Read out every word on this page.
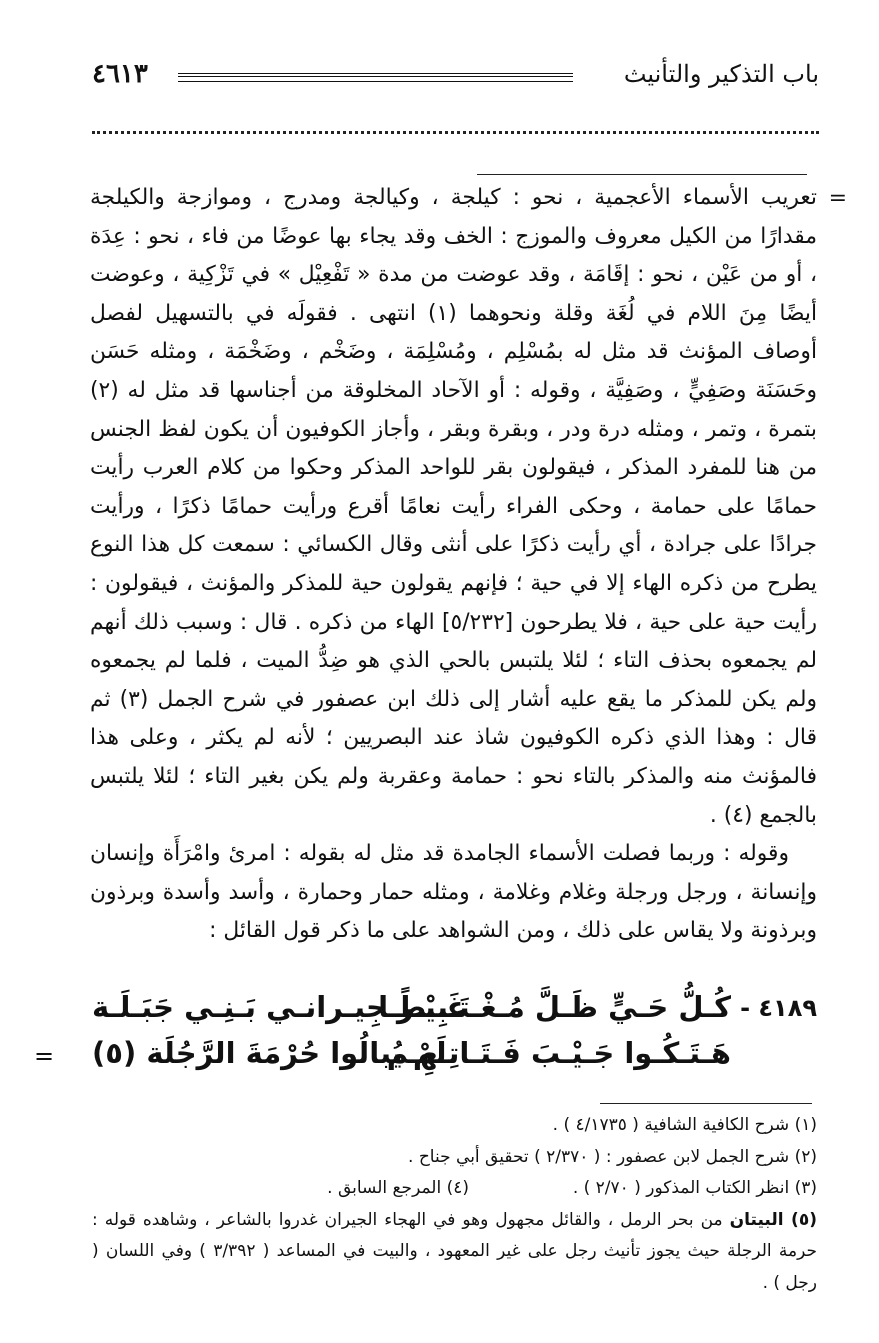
باب التذكير والتأنيث
٤٦١٣
=

تعريب الأسماء الأعجمية ، نحو : كيلجة ، وكيالجة ومدرج ، وموازجة والكيلجة مقدارًا من الكيل معروف والموزج : الخف وقد يجاء بها عوضًا من فاء ، نحو : عِدَة ، أو من عَيْن ، نحو : إقَامَة ، وقد عوضت من مدة « تَفْعِيْل » في تَزْكِية ، وعوضت أيضًا مِنَ اللام في لُغَة وقلة ونحوهما (١) انتهى . فقولَه في بالتسهيل لفصل أوصاف المؤنث قد مثل له بمُسْلِم ، ومُسْلِمَة ، وضَخْم ، وضَخْمَة ، ومثله حَسَن وحَسَنَة وصَفِيٍّ ، وصَفِيَّة ، وقوله : أو الآحاد المخلوقة من أجناسها قد مثل له (٢) بتمرة ، وتمر ، ومثله درة ودر ، وبقرة وبقر ، وأجاز الكوفيون أن يكون لفظ الجنس من هنا للمفرد المذكر ، فيقولون بقر للواحد المذكر وحكوا من كلام العرب رأيت حمامًا على حمامة ، وحكى الفراء رأيت نعامًا أقرع ورأيت حمامًا ذكرًا ، ورأيت جرادًا على جرادة ، أي رأيت ذكرًا على أنثى وقال الكسائي : سمعت كل هذا النوع يطرح من ذكره الهاء إلا في حية ؛ فإنهم يقولون حية للمذكر والمؤنث ، فيقولون : رأيت حية على حية ، فلا يطرحون [٥/٢٣٢] الهاء من ذكره . قال : وسبب ذلك أنهم لم يجمعوه بحذف التاء ؛ لئلا يلتبس بالحي الذي هو ضِدُّ الميت ، فلما لم يجمعوه ولم يكن للمذكر ما يقع عليه أشار إلى ذلك ابن عصفور في شرح الجمل (٣) ثم قال : وهذا الذي ذكره الكوفيون شاذ عند البصريين ؛ لأنه لم يكثر ، وعلى هذا فالمؤنث منه والمذكر بالتاء نحو : حمامة وعقربة ولم يكن بغير التاء ؛ لئلا يلتبس بالجمع (٤) .

وقوله : وربما فصلت الأسماء الجامدة قد مثل له بقوله : امرئ وامْرَأَة وإنسان وإنسانة ، ورجل ورجلة وغلام وغلامة ، ومثله حمار وحمارة ، وأسد وأسدة وبرذون وبرذونة ولا يقاس على ذلك ، ومن الشواهد على ما ذكر قول القائل :

٤١٨٩ -
كُـلُّ حَـيٍّ ظَـلَّ مُـغْـتَـبِـطًـا
غَـيْـر جِيـرانـي بَـنِـي جَبَـلَـة
هَـتَـكُـوا جَـيْـبَ فَـتَـاتِـهِـم
لَمْ يُبالُوا حُرْمَةَ الرَّجُلَة (٥)
=
(١) شرح الكافية الشافية ( ٤/١٧٣٥ ) .
(٢) شرح الجمل لابن عصفور : ( ٢/٣٧٠ ) تحقيق أبي جناح .
(٣) انظر الكتاب المذكور ( ٢/٧٠ ) .
(٤) المرجع السابق .
(٥) البيتان من بحر الرمل ، والقائل مجهول وهو في الهجاء الجيران غدروا بالشاعر ، وشاهده قوله : حرمة الرجلة حيث يجوز تأنيث رجل على غير المعهود ، والبيت في المساعد ( ٣/٣٩٢ ) وفي اللسان ( رجل ) .
